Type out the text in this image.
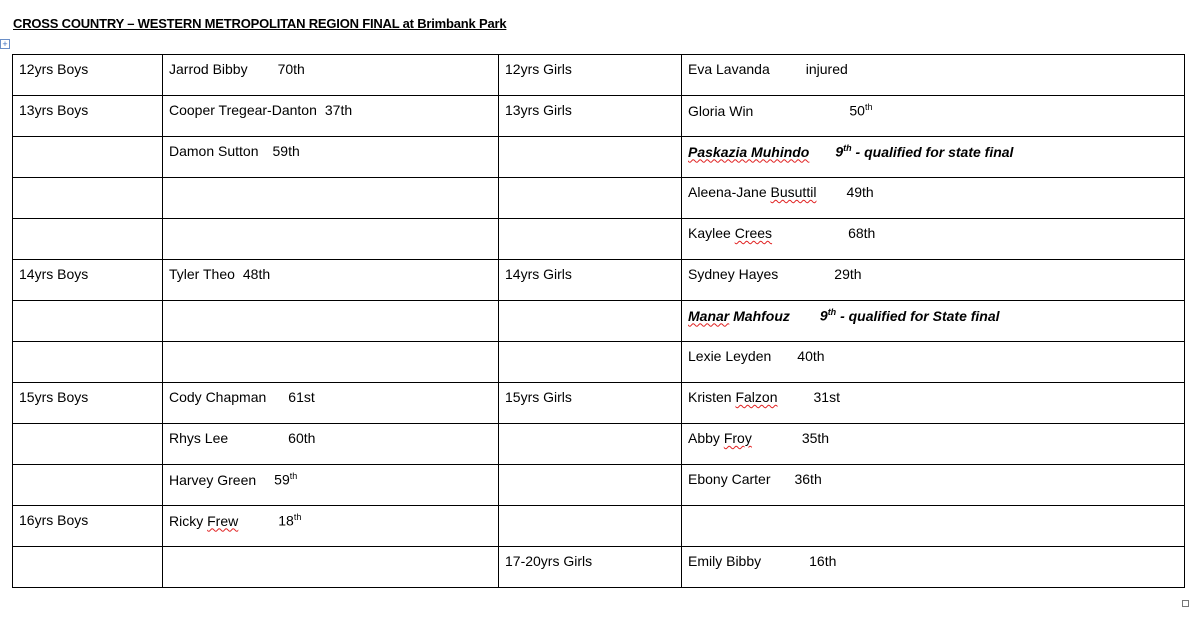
CROSS COUNTRY – WESTERN METROPOLITAN REGION FINAL at Brimbank Park
+
12yrs Boys	Jarrod Bibby 70th	12yrs Girls	Eva Lavanda injured
13yrs Boys	Cooper Tregear-Danton 37th	13yrs Girls	Gloria Win 50th
	Damon Sutton 59th		Paskazia Muhindo 9th - qualified for state final
			Aleena-Jane Busuttil 49th
			Kaylee Crees 68th
14yrs Boys	Tyler Theo 48th	14yrs Girls	Sydney Hayes 29th
			Manar Mahfouz 9th - qualified for State final
			Lexie Leyden 40th
15yrs Boys	Cody Chapman 61st	15yrs Girls	Kristen Falzon 31st
	Rhys Lee 60th		Abby Froy 35th
	Harvey Green 59th		Ebony Carter 36th
16yrs Boys	Ricky Frew 18th		
		17-20yrs Girls	Emily Bibby 16th
